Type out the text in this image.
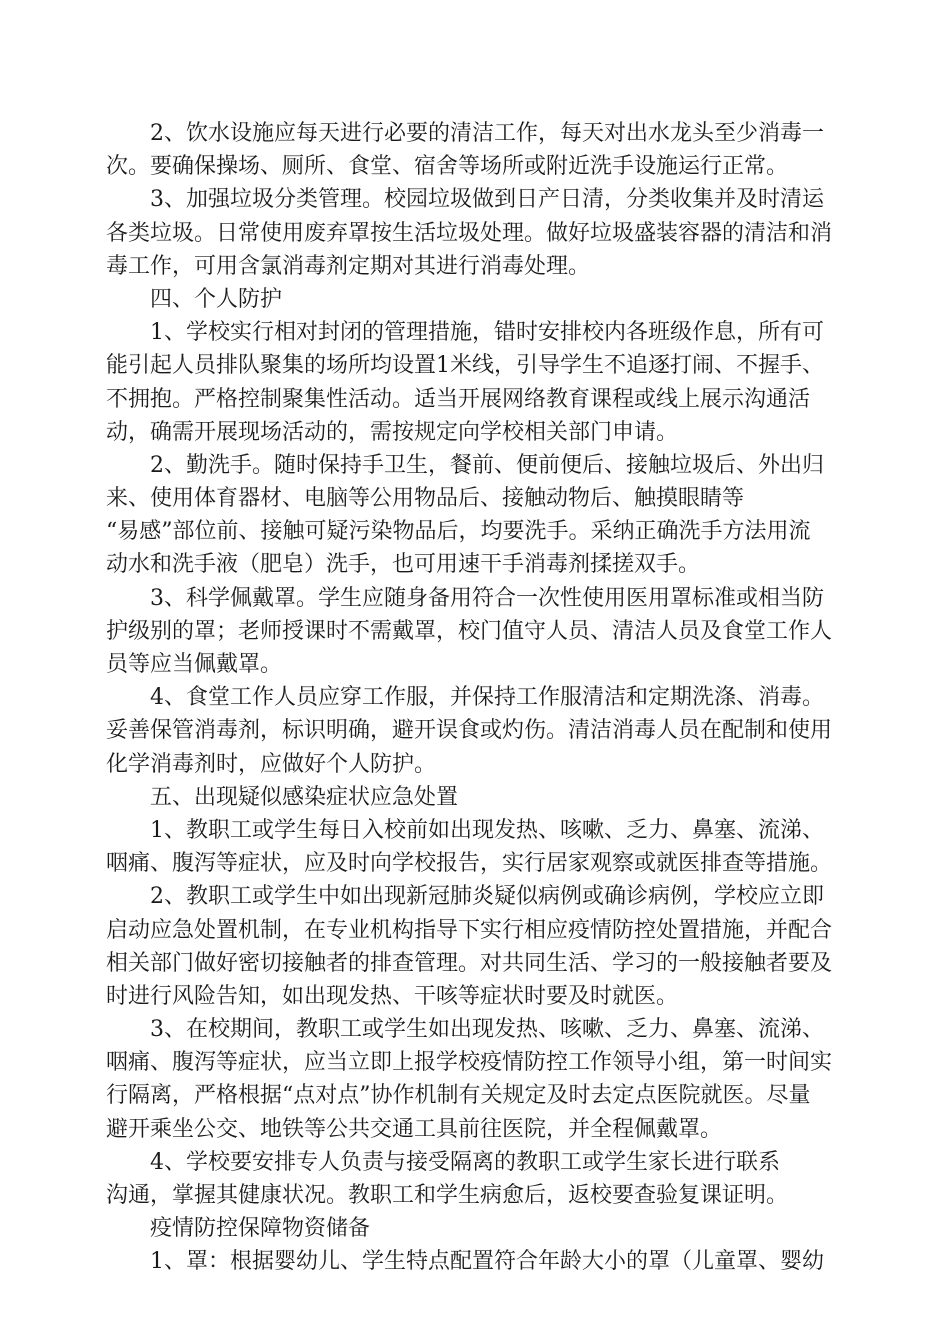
2、饮水设施应每天进行必要的清洁工作，每天对出水龙头至少消毒一
次。要确保操场、厕所、食堂、宿舍等场所或附近洗手设施运行正常。
3、加强垃圾分类管理。校园垃圾做到日产日清，分类收集并及时清运
各类垃圾。日常使用废弃罩按生活垃圾处理。做好垃圾盛装容器的清洁和消
毒工作，可用含氯消毒剂定期对其进行消毒处理。
四、个人防护
1、学校实行相对封闭的管理措施，错时安排校内各班级作息，所有可
能引起人员排队聚集的场所均设置1米线，引导学生不追逐打闹、不握手、
不拥抱。严格控制聚集性活动。适当开展网络教育课程或线上展示沟通活
动，确需开展现场活动的，需按规定向学校相关部门申请。
2、勤洗手。随时保持手卫生，餐前、便前便后、接触垃圾后、外出归
来、使用体育器材、电脑等公用物品后、接触动物后、触摸眼睛等
“易感”部位前、接触可疑污染物品后，均要洗手。采纳正确洗手方法用流
动水和洗手液（肥皂）洗手，也可用速干手消毒剂揉搓双手。
3、科学佩戴罩。学生应随身备用符合一次性使用医用罩标准或相当防
护级别的罩；老师授课时不需戴罩，校门值守人员、清洁人员及食堂工作人
员等应当佩戴罩。
4、食堂工作人员应穿工作服，并保持工作服清洁和定期洗涤、消毒。
妥善保管消毒剂，标识明确，避开误食或灼伤。清洁消毒人员在配制和使用
化学消毒剂时，应做好个人防护。
五、出现疑似感染症状应急处置
1、教职工或学生每日入校前如出现发热、咳嗽、乏力、鼻塞、流涕、
咽痛、腹泻等症状，应及时向学校报告，实行居家观察或就医排查等措施。
2、教职工或学生中如出现新冠肺炎疑似病例或确诊病例，学校应立即
启动应急处置机制，在专业机构指导下实行相应疫情防控处置措施，并配合
相关部门做好密切接触者的排查管理。对共同生活、学习的一般接触者要及
时进行风险告知，如出现发热、干咳等症状时要及时就医。
3、在校期间，教职工或学生如出现发热、咳嗽、乏力、鼻塞、流涕、
咽痛、腹泻等症状，应当立即上报学校疫情防控工作领导小组，第一时间实
行隔离，严格根据“点对点”协作机制有关规定及时去定点医院就医。尽量
避开乘坐公交、地铁等公共交通工具前往医院，并全程佩戴罩。
4、学校要安排专人负责与接受隔离的教职工或学生家长进行联系
沟通，掌握其健康状况。教职工和学生病愈后，返校要查验复课证明。
疫情防控保障物资储备
1、罩：根据婴幼儿、学生特点配置符合年龄大小的罩（儿童罩、婴幼
